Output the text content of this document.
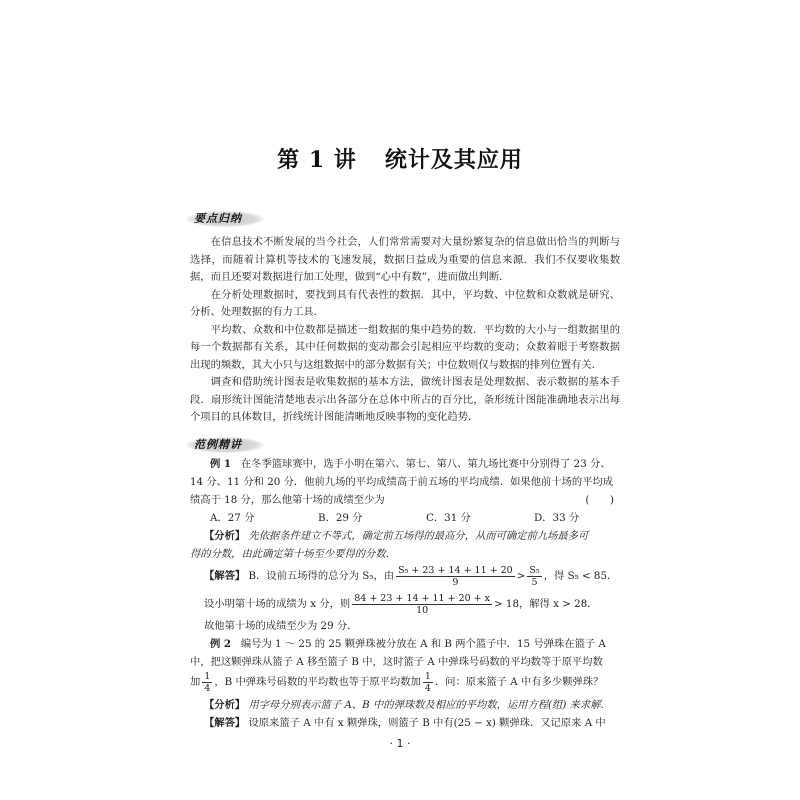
第 1 讲 统计及其应用
要点归纳

在信息技术不断发展的当今社会，人们常常需要对大量纷繁复杂的信息做出恰当的判断与选择，而随着计算机等技术的飞速发展，数据日益成为重要的信息来源．我们不仅要收集数据，而且还要对数据进行加工处理，做到“心中有数”，进而做出判断．

在分析处理数据时，要找到具有代表性的数据．其中，平均数、中位数和众数就是研究、分析、处理数据的有力工具．

平均数、众数和中位数都是描述一组数据的集中趋势的数．平均数的大小与一组数据里的每一个数据都有关系，其中任何数据的变动都会引起相应平均数的变动；众数着眼于考察数据出现的频数，其大小只与这组数据中的部分数据有关；中位数则仅与数据的排列位置有关．

调查和借助统计图表是收集数据的基本方法，做统计图表是处理数据、表示数据的基本手段．扇形统计图能清楚地表示出各部分在总体中所占的百分比，条形统计图能准确地表示出每个项目的具体数目，折线统计图能清晰地反映事物的变化趋势．

范例精讲
例 1 在冬季篮球赛中，选手小明在第六、第七、第八、第九场比赛中分别得了 23 分、
14 分、11 分和 20 分．他前九场的平均成绩高于前五场的平均成绩．如果他前十场的平均成
绩高于 18 分，那么他第十场的成绩至少为	(　　)
A．27 分	B．29 分	C．31 分	D．33 分
【分析】 先依据条件建立不等式，确定前五场得的最高分，从而可确定前九场最多可
得的分数，由此确定第十场至少要得的分数．
【解答】 B．设前五场得的总分为 S₅，由 $\frac{\text{S₅ + 23 + 14 + 11 + 20}}{9} > \frac{\text{S₅}}{5}$ ，得 S₅ < 85．
设小明第十场的成绩为 x 分，则 $\frac{84 + 23 + 14 + 11 + 20 + x}{10} > 18$，解得 x > 28．
故他第十场的成绩至少为 29 分．
例 2 编号为 1 ～ 25 的 25 颗弹珠被分放在 A 和 B 两个篮子中．15 号弹珠在篮子 A
中，把这颗弹珠从篮子 A 移至篮子 B 中，这时篮子 A 中弹珠号码数的平均数等于原平均数
加 $\frac{1}{4}$ ，B 中弹珠号码数的平均数也等于原平均数加 $\frac{1}{4}$ ．问：原来篮子 A 中有多少颗弹珠？
【分析】 用字母分别表示篮子 A、B 中的弹珠数及相应的平均数，运用方程(组) 来求解．
【解答】 设原来篮子 A 中有 x 颗弹珠，则篮子 B 中有(25 − x) 颗弹珠．又记原来 A 中
· 1 ·
